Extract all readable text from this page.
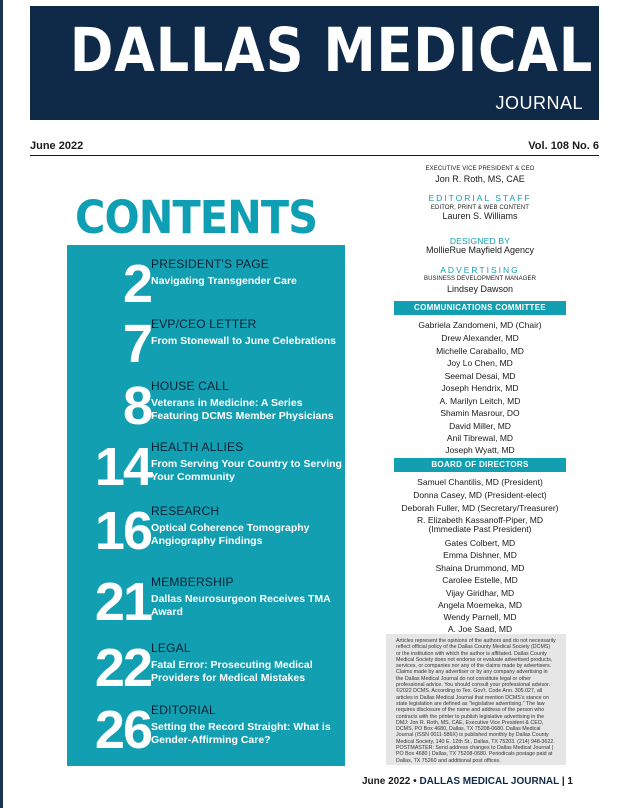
DALLAS MEDICAL
JOURNAL
June 2022	Vol. 108 No. 6
CONTENTS
2 PRESIDENT'S PAGE
Navigating Transgender Care
7 EVP/CEO LETTER
From Stonewall to June Celebrations
8 HOUSE CALL
Veterans in Medicine: A Series Featuring DCMS Member Physicians
14 HEALTH ALLIES
From Serving Your Country to Serving Your Community
16 RESEARCH
Optical Coherence Tomography Angiography Findings
21 MEMBERSHIP
Dallas Neurosurgeon Receives TMA Award
22 LEGAL
Fatal Error: Prosecuting Medical Providers for Medical Mistakes
26 EDITORIAL
Setting the Record Straight: What is Gender-Affirming Care?
EXECUTIVE VICE PRESIDENT & CEO
Jon R. Roth, MS, CAE
EDITORIAL STAFF
EDITOR, PRINT & WEB CONTENT
Lauren S. Williams
DESIGNED BY
MollieRue Mayfield Agency
ADVERTISING
BUSINESS DEVELOPMENT MANAGER
Lindsey Dawson
COMMUNICATIONS COMMITTEE
Gabriela Zandomeni, MD (Chair)
Drew Alexander, MD
Michelle Caraballo, MD
Joy Lo Chen, MD
Seemal Desai, MD
Joseph Hendrix, MD
A. Marilyn Leitch, MD
Shamin Masrour, DO
David Miller, MD
Anil Tibrewal, MD
Joseph Wyatt, MD
BOARD OF DIRECTORS
Samuel Chantilis, MD (President)
Donna Casey, MD (President-elect)
Deborah Fuller, MD (Secretary/Treasurer)
R. Elizabeth Kassanoff-Piper, MD
(Immediate Past President)
Gates Colbert, MD
Emma Dishner, MD
Shaina Drummond, MD
Carolee Estelle, MD
Vijay Giridhar, MD
Angela Moemeka, MD
Wendy Parnell, MD
A. Joe Saad, MD
Articles represent the opinions of the authors and do not necessarily reflect official policy of the Dallas County Medical Society (DCMS) or the institution with which the author is affiliated. Dallas County Medical Society does not endorse or evaluate advertised products, services, or companies nor any of the claims made by advertisers. Claims made by any advertiser or by any company advertising in the Dallas Medical Journal do not constitute legal or other professional advice. You should consult your professional advisor. ©2022 DCMS. According to Tex. Gov't. Code Ann. 305.027, all articles in Dallas Medical Journal that mention DCMS's stance on state legislation are defined as "legislative advertising." The law requires disclosure of the name and address of the person who contracts with the printer to publish legislative advertising in the DMJ: Jon R. Roth, MS, CAE, Executive Vice President & CEO, DCMS, PO Box 4680, Dallas, TX 75208-0680. Dallas Medical Journal (ISSN 0011-586X) is published monthly by Dallas County Medical Society, 140 E. 12th St., Dallas, TX 75203. (214) 948-3622. POSTMASTER: Send address changes to Dallas Medical Journal | PO Box 4680 | Dallas, TX 75208-0680. Periodicals postage paid at Dallas, TX 75260 and additional post offices.
June 2022 • DALLAS MEDICAL JOURNAL | 1
